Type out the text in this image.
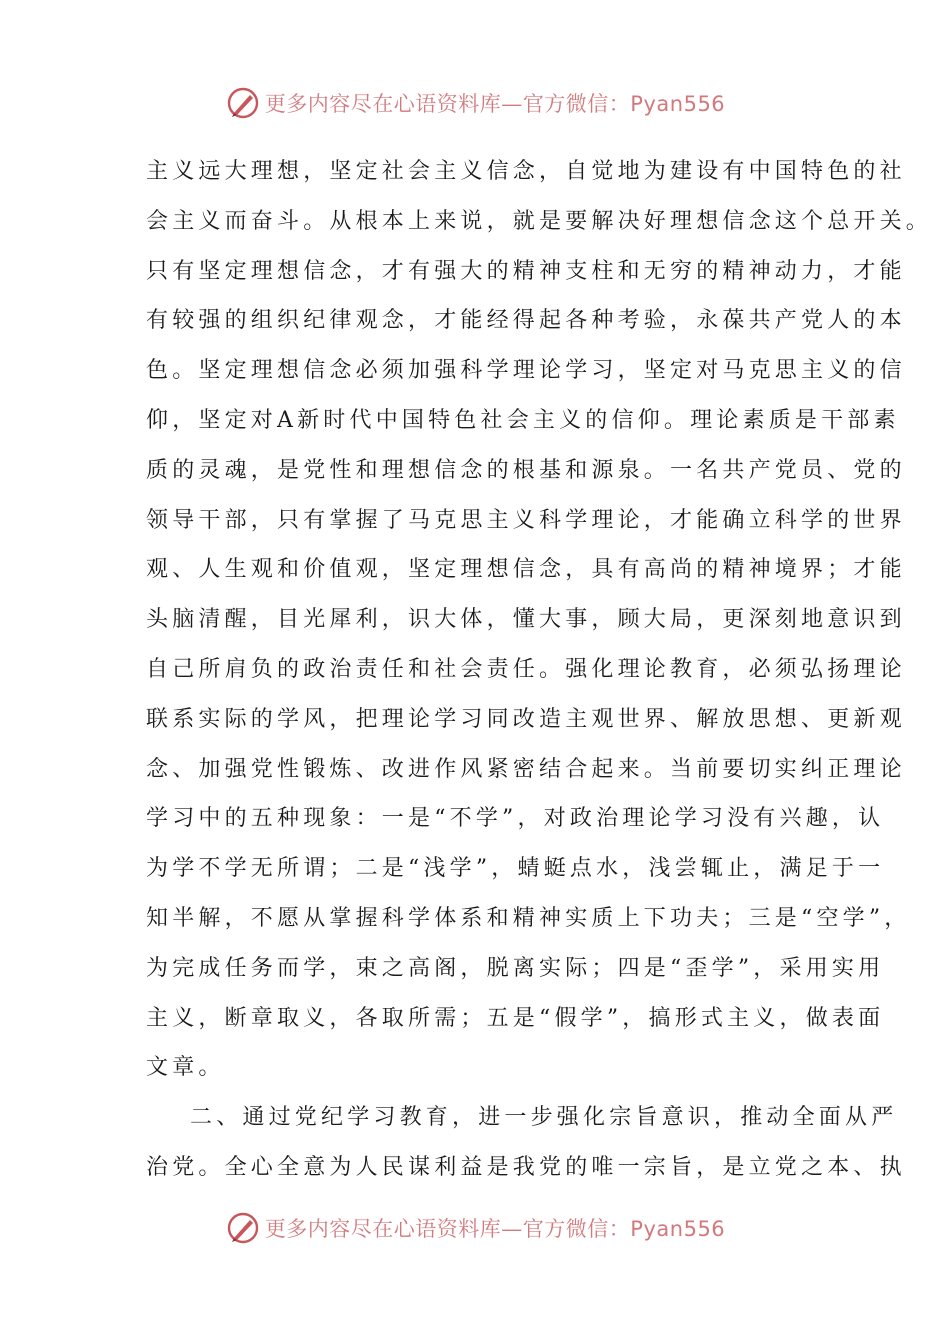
更多内容尽在心语资料库— 官方微信：Pyan556
主义远大理想，坚定社会主义信念，自觉地为建设有中国特色的社
会主义而奋斗。从根本上来说，就是要解决好理想信念这个总开关。
只有坚定理想信念，才有强大的精神支柱和无穷的精神动力，才能
有较强的组织纪律观念，才能经得起各种考验，永葆共产党人的本
色。坚定理想信念必须加强科学理论学习，坚定对马克思主义的信
仰，坚定对A新时代中国特色社会主义的信仰。理论素质是干部素
质的灵魂，是党性和理想信念的根基和源泉。一名共产党员、党的
领导干部，只有掌握了马克思主义科学理论，才能确立科学的世界
观、人生观和价值观，坚定理想信念，具有高尚的精神境界；才能
头脑清醒，目光犀利，识大体，懂大事，顾大局，更深刻地意识到
自己所肩负的政治责任和社会责任。强化理论教育，必须弘扬理论
联系实际的学风，把理论学习同改造主观世界、解放思想、更新观
念、加强党性锻炼、改进作风紧密结合起来。当前要切实纠正理论
学习中的五种现象：一是“不学”，对政治理论学习没有兴趣，认
为学不学无所谓；二是“浅学”，蜻蜓点水，浅尝辄止，满足于一
知半解，不愿从掌握科学体系和精神实质上下功夫；三是“空学”，
为完成任务而学，束之高阁，脱离实际；四是“歪学”，采用实用
主义，断章取义，各取所需；五是“假学”，搞形式主义，做表面
文章。
二、通过党纪学习教育，进一步强化宗旨意识，推动全面从严
治党。全心全意为人民谋利益是我党的唯一宗旨，是立党之本、执
更多内容尽在心语资料库— 官方微信：Pyan556
